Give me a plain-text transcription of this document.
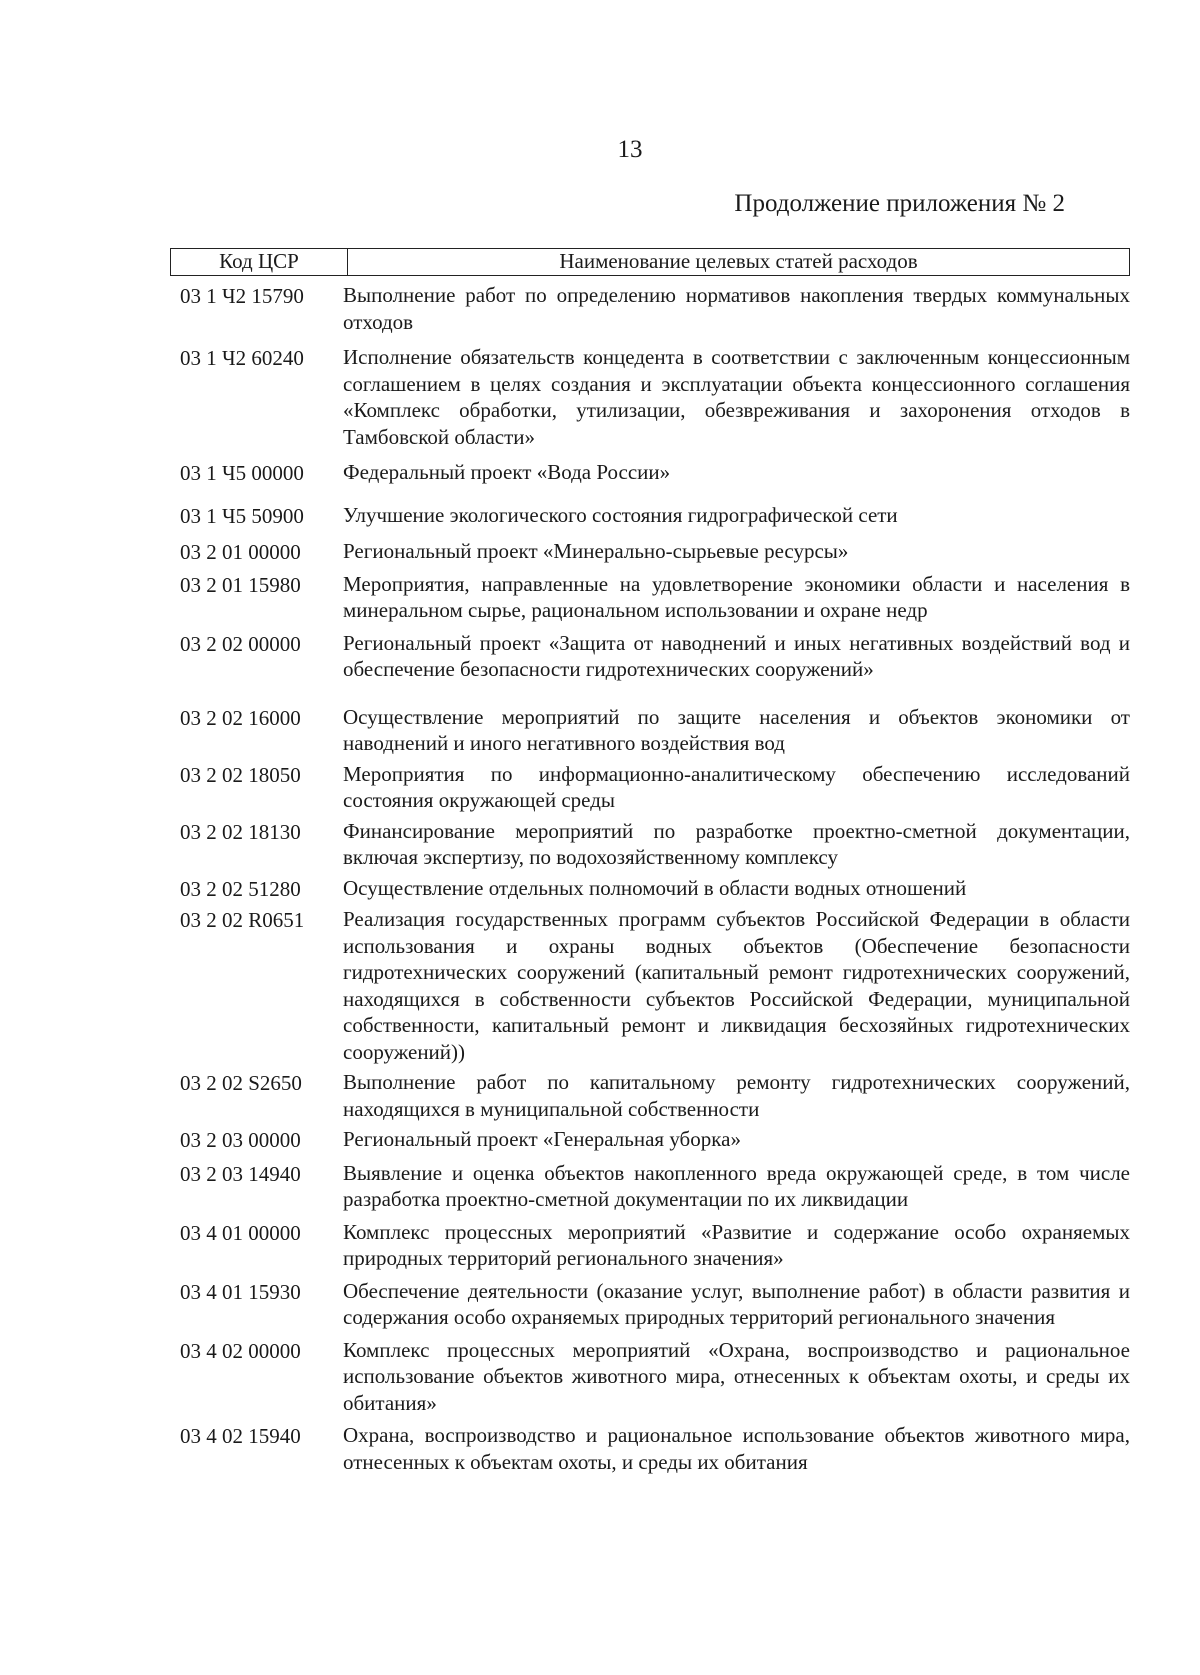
13
Продолжение приложения № 2
Код ЦСР	Наименование целевых статей расходов
03 1 Ч2 15790	Выполнение работ по определению нормативов накопления твердых коммунальных отходов
03 1 Ч2 60240	Исполнение обязательств концедента в соответствии с заключенным концессионным соглашением в целях создания и эксплуатации объекта концессионного соглашения «Комплекс обработки, утилизации, обезвреживания и захоронения отходов в Тамбовской области»
03 1 Ч5 00000	Федеральный проект «Вода России»
03 1 Ч5 50900	Улучшение экологического состояния гидрографической сети
03 2 01 00000	Региональный проект «Минерально-сырьевые ресурсы»
03 2 01 15980	Мероприятия, направленные на удовлетворение экономики области и населения в минеральном сырье, рациональном использовании и охране недр
03 2 02 00000	Региональный проект «Защита от наводнений и иных негативных воздействий вод и обеспечение безопасности гидротехнических сооружений»
03 2 02 16000	Осуществление мероприятий по защите населения и объектов экономики от наводнений и иного негативного воздействия вод
03 2 02 18050	Мероприятия по информационно-аналитическому обеспечению исследований состояния окружающей среды
03 2 02 18130	Финансирование мероприятий по разработке проектно-сметной документации, включая экспертизу, по водохозяйственному комплексу
03 2 02 51280	Осуществление отдельных полномочий в области водных отношений
03 2 02 R0651	Реализация государственных программ субъектов Российской Федерации в области использования и охраны водных объектов (Обеспечение безопасности гидротехнических сооружений (капитальный ремонт гидротехнических сооружений, находящихся в собственности субъектов Российской Федерации, муниципальной собственности, капитальный ремонт и ликвидация бесхозяйных гидротехнических сооружений))
03 2 02 S2650	Выполнение работ по капитальному ремонту гидротехнических сооружений, находящихся в муниципальной собственности
03 2 03 00000	Региональный проект «Генеральная уборка»
03 2 03 14940	Выявление и оценка объектов накопленного вреда окружающей среде, в том числе разработка проектно-сметной документации по их ликвидации
03 4 01 00000	Комплекс процессных мероприятий «Развитие и содержание особо охраняемых природных территорий регионального значения»
03 4 01 15930	Обеспечение деятельности (оказание услуг, выполнение работ) в области развития и содержания особо охраняемых природных территорий регионального значения
03 4 02 00000	Комплекс процессных мероприятий «Охрана, воспроизводство и рациональное использование объектов животного мира, отнесенных к объектам охоты, и среды их обитания»
03 4 02 15940	Охрана, воспроизводство и рациональное использование объектов животного мира, отнесенных к объектам охоты, и среды их обитания
